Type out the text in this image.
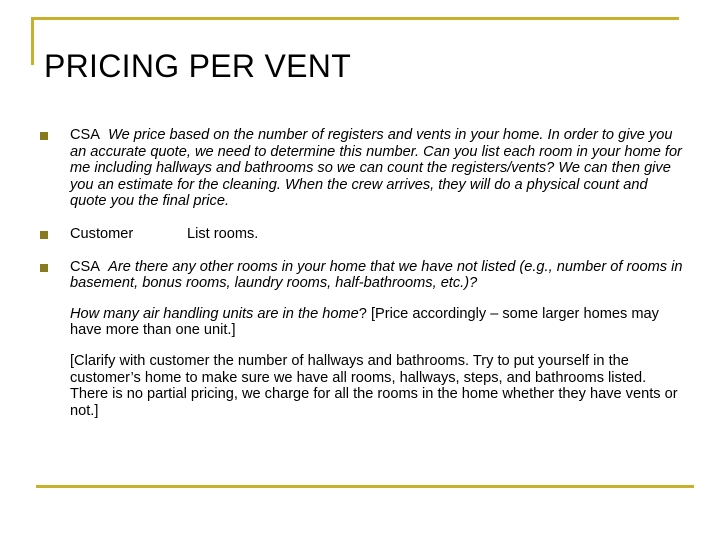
PRICING PER VENT
CSA We price based on the number of registers and vents in your home. In order to give you an accurate quote, we need to determine this number. Can you list each room in your home for me including hallways and bathrooms so we can count the registers/vents? We can then give you an estimate for the cleaning. When the crew arrives, they will do a physical count and quote you the final price.
Customer	List rooms.
CSA Are there any other rooms in your home that we have not listed (e.g., number of rooms in basement, bonus rooms, laundry rooms, half-bathrooms, etc.)?
How many air handling units are in the home? [Price accordingly – some larger homes may have more than one unit.]
[Clarify with customer the number of hallways and bathrooms. Try to put yourself in the customer’s home to make sure we have all rooms, hallways, steps, and bathrooms listed. There is no partial pricing, we charge for all the rooms in the home whether they have vents or not.]
